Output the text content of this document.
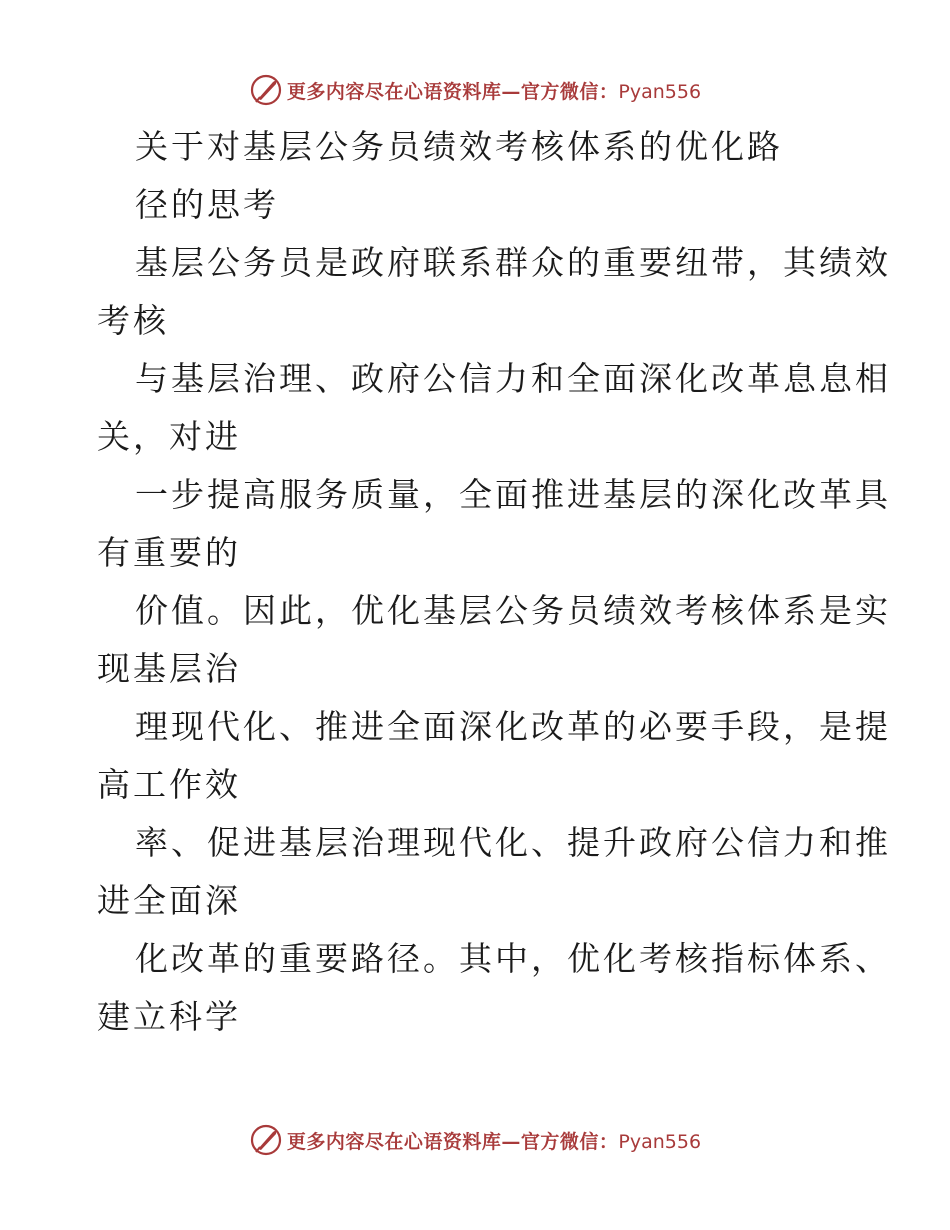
更多内容尽在心语资料库—官方微信：Pyan556
关于对基层公务员绩效考核体系的优化路
径的思考
基层公务员是政府联系群众的重要纽带，其绩效
考核
与基层治理、政府公信力和全面深化改革息息相
关，对进
一步提高服务质量，全面推进基层的深化改革具
有重要的
价值。因此，优化基层公务员绩效考核体系是实
现基层治
理现代化、推进全面深化改革的必要手段，是提
高工作效
率、促进基层治理现代化、提升政府公信力和推
进全面深
化改革的重要路径。其中，优化考核指标体系、
建立科学
更多内容尽在心语资料库—官方微信：Pyan556
